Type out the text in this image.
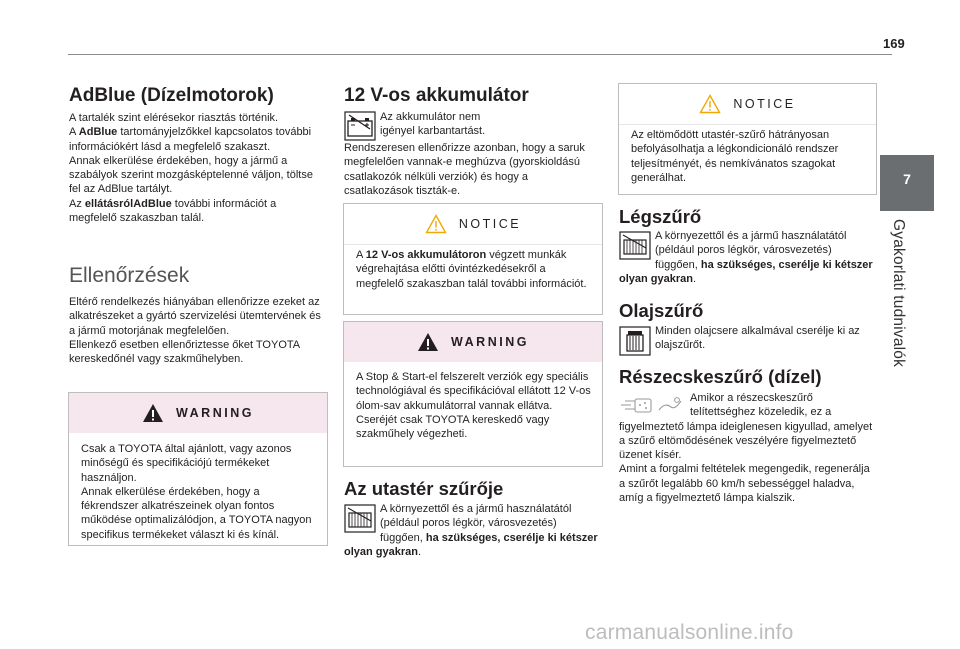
169
7
Gyakorlati tudnivalók
AdBlue (Dízelmotorok)

A tartalék szint elérésekor riasztás történik.

A AdBlue tartományjelzőkkel kapcsolatos további információkért lásd a megfelelő szakaszt.

Annak elkerülése érdekében, hogy a jármű a szabályok szerint mozgásképtelenné váljon, töltse fel az AdBlue tartályt.

Az ellátásrólAdBlue további információt a megfelelő szakaszban talál.

Ellenőrzések

Eltérő rendelkezés hiányában ellenőrizze ezeket az alkatrészeket a gyártó szervizelési ütemtervének és a jármű motorjának megfelelően.

Ellenkező esetben ellenőriztesse őket TOYOTA kereskedőnél vagy szakműhelyben.

WARNING

Csak a TOYOTA által ajánlott, vagy azonos minőségű és specifikációjú termékeket használjon.

Annak elkerülése érdekében, hogy a fékrendszer alkatrészeinek olyan fontos működése optimalizálódjon, a TOYOTA nagyon specifikus termékeket választ ki és kínál.

12 V-os akkumulátor

Az akkumulátor nem igényel karbantartást.

Rendszeresen ellenőrizze azonban, hogy a saruk megfelelően vannak-e meghúzva (gyorskioldású csatlakozók nélküli verziók) és hogy a csatlakozások tiszták-e.

NOTICE

A 12 V-os akkumulátoron végzett munkák végrehajtása előtti óvintézkedésekről a megfelelő szakaszban talál további információt.

WARNING

A Stop & Start-el felszerelt verziók egy speciális technológiával és specifikációval ellátott 12 V-os ólom-sav akkumulátorral vannak ellátva.

Cseréjét csak TOYOTA kereskedő vagy szakműhely végezheti.

Az utastér szűrője

A környezettől és a jármű használatától (például poros légkör, városvezetés) függően, ha szükséges, cserélje ki kétszer olyan gyakran.

NOTICE

Az eltömődött utastér-szűrő hátrányosan befolyásolhatja a légkondicionáló rendszer teljesítményét, és nemkívánatos szagokat generálhat.

Légszűrő

A környezettől és a jármű használatától (például poros légkör, városvezetés) függően, ha szükséges, cserélje ki kétszer olyan gyakran.

Olajszűrő

Minden olajcsere alkalmával cserélje ki az olajszűrőt.

Részecskeszűrő (dízel)

Amikor a részecskeszűrő telítettséghez közeledik, ez a figyelmeztető lámpa ideiglenesen kigyullad, amelyet a szűrő eltömődésének veszélyére figyelmeztető üzenet kísér.

Amint a forgalmi feltételek megengedik, regenerálja a szűrőt legalább 60 km/h sebességgel haladva, amíg a figyelmeztető lámpa kialszik.

carmanualsonline.info
